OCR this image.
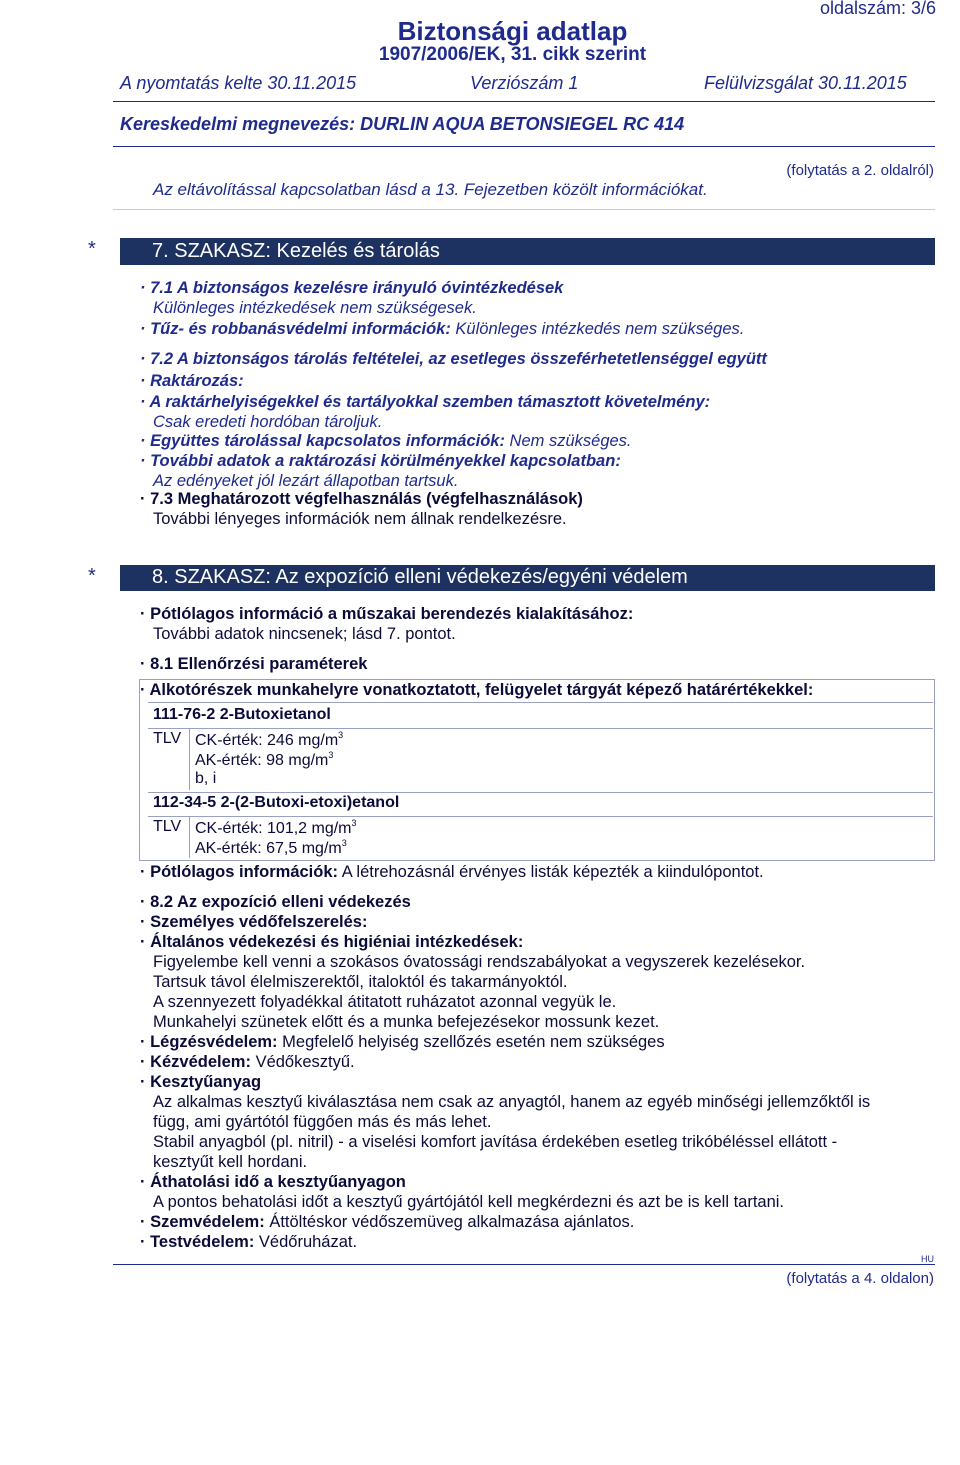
Biztonsági adatlap
oldalszám: 3/6
1907/2006/EK, 31. cikk szerint
A nyomtatás kelte 30.11.2015	Verziószám 1	Felülvizsgálat 30.11.2015
Kereskedelmi megnevezés: DURLIN AQUA BETONSIEGEL RC 414
(folytatás a 2. oldalról)
Az eltávolítással kapcsolatban lásd a 13. Fejezetben közölt információkat.
*	7. SZAKASZ: Kezelés és tárolás
· 7.1 A biztonságos kezelésre irányuló óvintézkedések
Különleges intézkedések nem szükségesek.
· Tűz- és robbanásvédelmi információk: Különleges intézkedés nem szükséges.
· 7.2 A biztonságos tárolás feltételei, az esetleges összeférhetetlenséggel együtt
· Raktározás:
· A raktárhelyiségekkel és tartályokkal szemben támasztott követelmény:
Csak eredeti hordóban tároljuk.
· Együttes tárolással kapcsolatos információk: Nem szükséges.
· További adatok a raktározási körülményekkel kapcsolatban:
Az edényeket jól lezárt állapotban tartsuk.
· 7.3 Meghatározott végfelhasználás (végfelhasználások)
További lényeges információk nem állnak rendelkezésre.
*	8. SZAKASZ: Az expozíció elleni védekezés/egyéni védelem
· Pótlólagos információ a műszakai berendezés kialakításához:
További adatok nincsenek; lásd 7. pontot.
· 8.1 Ellenőrzési paraméterek
· Alkotórészek munkahelyre vonatkoztatott, felügyelet tárgyát képező határértékekkel:
111-76-2 2-Butoxietanol
TLV CK-érték: 246 $mg/m^3$
AK-érték: 98 $mg/m^3$
b, i
112-34-5 2-(2-Butoxi-etoxi)etanol
TLV CK-érték: 101,2 $mg/m^3$
AK-érték: 67,5 $mg/m^3$
· Pótlólagos információk: A létrehozásnál érvényes listák képezték a kiindulópontot.
· 8.2 Az expozíció elleni védekezés
· Személyes védőfelszerelés:
· Általános védekezési és higiéniai intézkedések:
Figyelembe kell venni a szokásos óvatossági rendszabályokat a vegyszerek kezelésekor.
Tartsuk távol élelmiszerektől, italoktól és takarmányoktól.
A szennyezett folyadékkal átitatott ruházatot azonnal vegyük le.
Munkahelyi szünetek előtt és a munka befejezésekor mossunk kezet.
· Légzésvédelem: Megfelelő helyiség szellőzés esetén nem szükséges
· Kézvédelem: Védőkesztyű.
· Kesztyűanyag
Az alkalmas kesztyű kiválasztása nem csak az anyagtól, hanem az egyéb minőségi jellemzőktől is
függ, ami gyártótól függően más és más lehet.
Stabil anyagból (pl. nitril) - a viselési komfort javítása érdekében esetleg trikóbéléssel ellátott -
kesztyűt kell hordani.
· Áthatolási idő a kesztyűanyagon
A pontos behatolási időt a kesztyű gyártójától kell megkérdezni és azt be is kell tartani.
· Szemvédelem: Áttöltéskor védőszemüveg alkalmazása ajánlatos.
· Testvédelem: Védőruházat.
HU
(folytatás a 4. oldalon)
